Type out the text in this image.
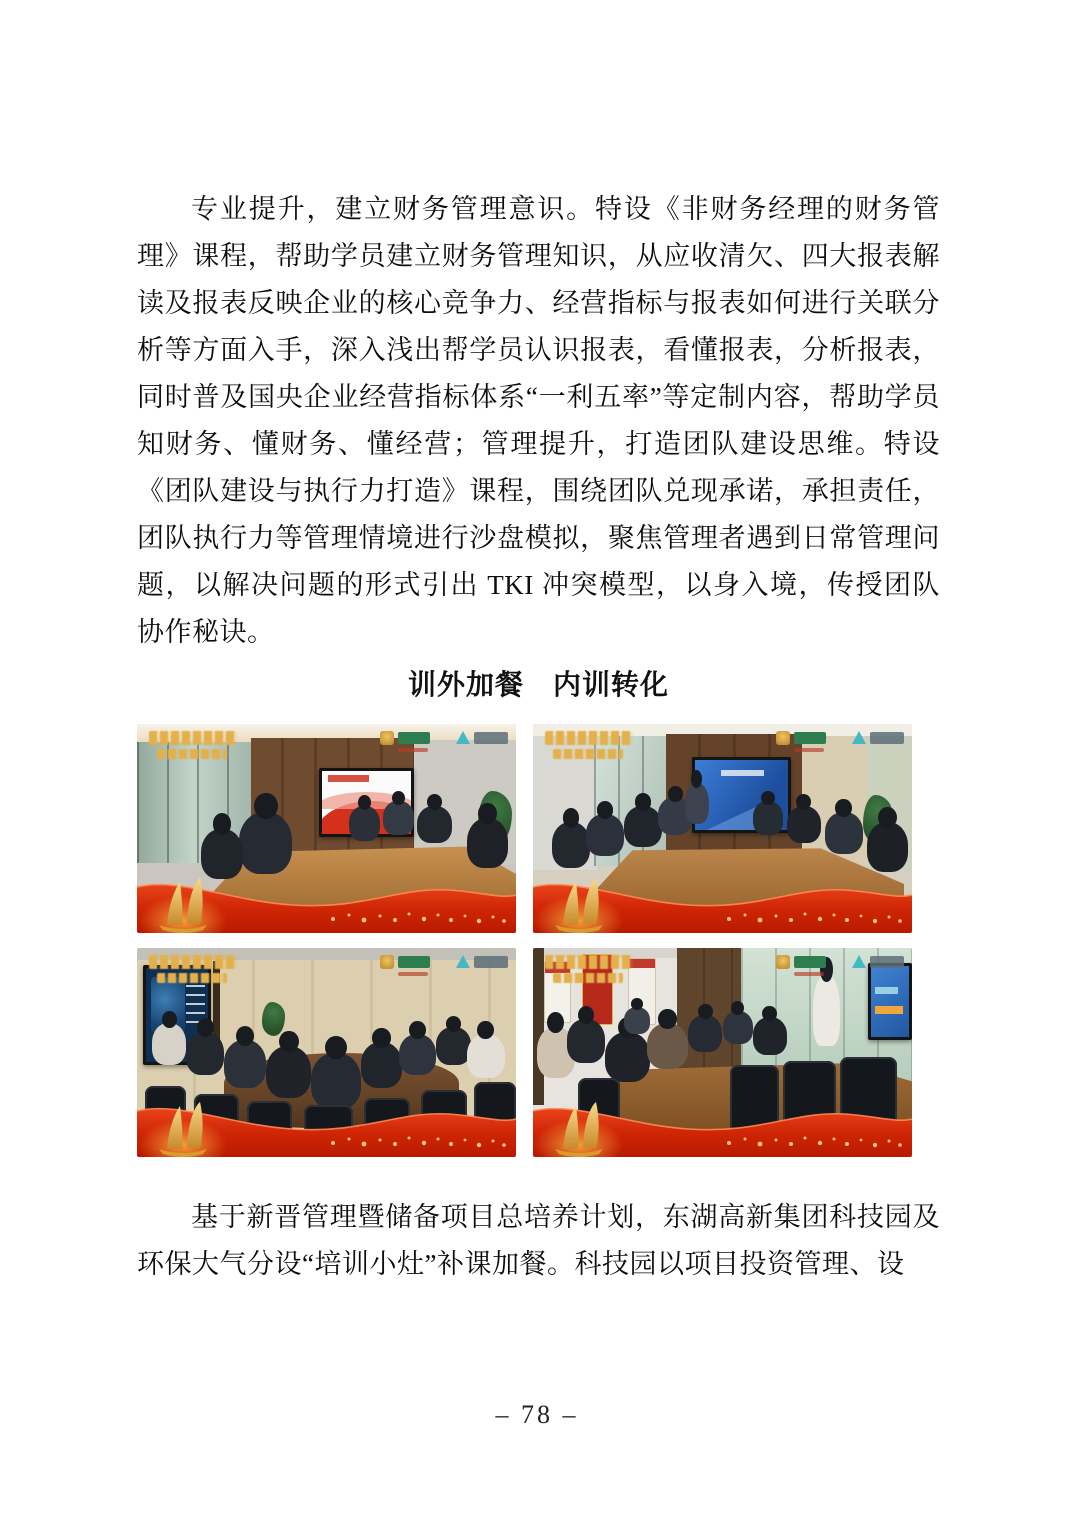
专业提升，建立财务管理意识。特设《非财务经理的财务管理》课程，帮助学员建立财务管理知识，从应收清欠、四大报表解读及报表反映企业的核心竞争力、经营指标与报表如何进行关联分析等方面入手，深入浅出帮学员认识报表，看懂报表，分析报表，同时普及国央企业经营指标体系“一利五率”等定制内容，帮助学员知财务、懂财务、懂经营；管理提升，打造团队建设思维。特设《团队建设与执行力打造》课程，围绕团队兑现承诺，承担责任，团队执行力等管理情境进行沙盘模拟，聚焦管理者遇到日常管理问题，以解决问题的形式引出 TKI 冲突模型，以身入境，传授团队协作秘诀。

训外加餐　内训转化

基于新晋管理暨储备项目总培养计划，东湖高新集团科技园及环保大气分设“培训小灶”补课加餐。科技园以项目投资管理、设

– 78 –
